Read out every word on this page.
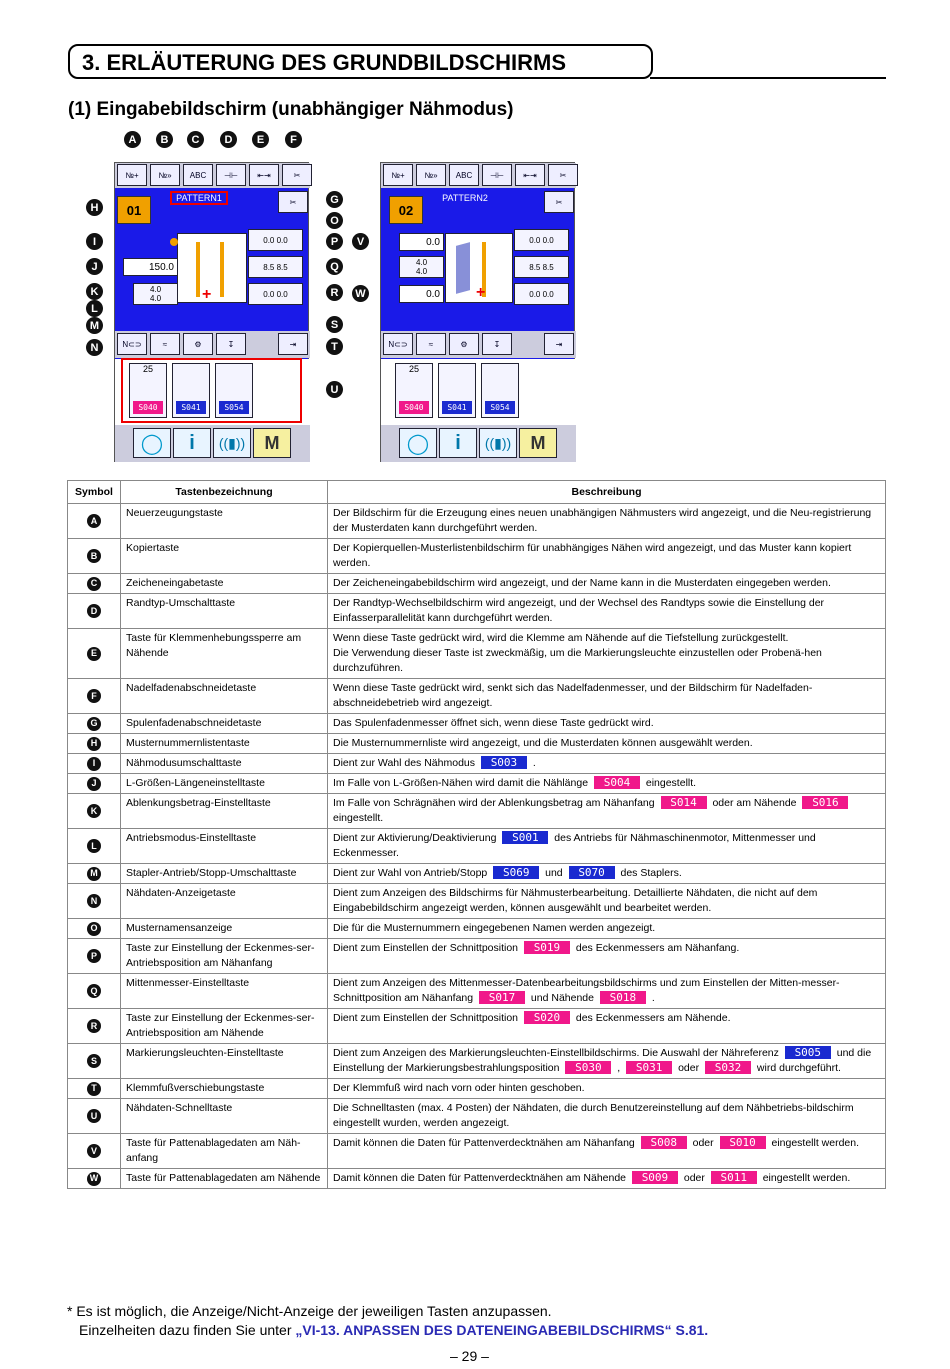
3. ERLÄUTERUNG DES GRUNDBILDSCHIRMS
(1) Eingabebildschirm (unabhängiger Nähmodus)
№+	№»	ABC	⊣⊢	⇤⇥	✂
01
PATTERN1	✂
+
150.0
4.0
4.0
0.0
0.0
8.5
8.5
0.0
0.0
N⊂⊃	≈	⚙	↧	⇥
25
S040	S041	S054
◯	i	((▮))	M
№+	№»	ABC	⊣⊢	⇤⇥	✂
02
PATTERN2	✂
0.0
4.0
4.0
0.0 +
0.0
0.0
8.5
8.5
0.0
0.0
N⊂⊃	≈	⚙	↧	⇥
25
S040	S041	S054
◯	i	((▮))	M
A	B	C	D	E	F
G
H
I
J
K
L
M
N
O
P
Q
R
S
T
U
V
W
Symbol	Tastenbezeichnung	Beschreibung
A	Neuerzeugungstaste	Der Bildschirm für die Erzeugung eines neuen unabhängigen Nähmusters wird angezeigt, und die Neu-registrierung der Musterdaten kann durchgeführt werden.

B	Kopiertaste	Der Kopierquellen-Musterlistenbildschirm für unabhängiges Nähen wird angezeigt, und das Muster kann kopiert werden.

C	Zeicheneingabetaste	Der Zeicheneingabebildschirm wird angezeigt, und der Name kann in die Musterdaten eingegeben werden.

D	Randtyp-Umschalttaste	Der Randtyp-Wechselbildschirm wird angezeigt, und der Wechsel des Randtyps sowie die Einstellung der Einfasserparallelität kann durchgeführt werden.

E	Taste für Klemmenhebungssperre am Nähende	Wenn diese Taste gedrückt wird, wird die Klemme am Nähende auf die Tiefstellung zurückgestellt.
Die Verwendung dieser Taste ist zweckmäßig, um die Markierungsleuchte einzustellen oder Probenä-hen durchzuführen.

F	Nadelfadenabschneidetaste	Wenn diese Taste gedrückt wird, senkt sich das Nadelfadenmesser, und der Bildschirm für Nadelfaden-abschneidebetrieb wird angezeigt.

G	Spulenfadenabschneidetaste	Das Spulenfadenmesser öffnet sich, wenn diese Taste gedrückt wird.

H	Musternummernlistentaste	Die Musternummernliste wird angezeigt, und die Musterdaten können ausgewählt werden.

I	Nähmodusumschalttaste	Dient zur Wahl des Nähmodus S003 .

J	L-Größen-Längeneinstelltaste	Im Falle von L-Größen-Nähen wird damit die Nählänge S004 eingestellt.

K	Ablenkungsbetrag-Einstelltaste	Im Falle von Schrägnähen wird der Ablenkungsbetrag am Nähanfang S014 oder am Nähende S016 eingestellt.

L	Antriebsmodus-Einstelltaste	Dient zur Aktivierung/Deaktivierung S001 des Antriebs für Nähmaschinenmotor, Mittenmesser und Eckenmesser.

M	Stapler-Antrieb/Stopp-Umschalttaste	Dient zur Wahl von Antrieb/Stopp S069 und S070 des Staplers.

N	Nähdaten-Anzeigetaste	Dient zum Anzeigen des Bildschirms für Nähmusterbearbeitung. Detaillierte Nähdaten, die nicht auf dem Eingabebildschirm angezeigt werden, können ausgewählt und bearbeitet werden.

O	Musternamensanzeige	Die für die Musternummern eingegebenen Namen werden angezeigt.

P	Taste zur Einstellung der Eckenmes-ser-Antriebsposition am Nähanfang	Dient zum Einstellen der Schnittposition S019 des Eckenmessers am Nähanfang.

Q	Mittenmesser-Einstelltaste	Dient zum Anzeigen des Mittenmesser-Datenbearbeitungsbildschirms und zum Einstellen der Mitten-messer-Schnittposition am Nähanfang S017 und Nähende S018 .

R	Taste zur Einstellung der Eckenmes-ser-Antriebsposition am Nähende	Dient zum Einstellen der Schnittposition S020 des Eckenmessers am Nähende.

S	Markierungsleuchten-Einstelltaste	Dient zum Anzeigen des Markierungsleuchten-Einstellbildschirms. Die Auswahl der Nähreferenz S005 und die Einstellung der Markierungsbestrahlungsposition S030 , S031 oder S032 wird durchgeführt.

T	Klemmfußverschiebungstaste	Der Klemmfuß wird nach vorn oder hinten geschoben.

U	Nähdaten-Schnelltaste	Die Schnelltasten (max. 4 Posten) der Nähdaten, die durch Benutzereinstellung auf dem Nähbetriebs-bildschirm eingestellt wurden, werden angezeigt.

V	Taste für Pattenablagedaten am Näh-anfang	Damit können die Daten für Pattenverdecktnähen am Nähanfang S008 oder S010 eingestellt werden.

W	Taste für Pattenablagedaten am Nähende	Damit können die Daten für Pattenverdecktnähen am Nähende S009 oder S011 eingestellt werden.
* Es ist möglich, die Anzeige/Nicht-Anzeige der jeweiligen Tasten anzupassen.
Einzelheiten dazu finden Sie unter „VI-13. ANPASSEN DES DATENEINGABEBILDSCHIRMS“ S.81.
– 29 –
